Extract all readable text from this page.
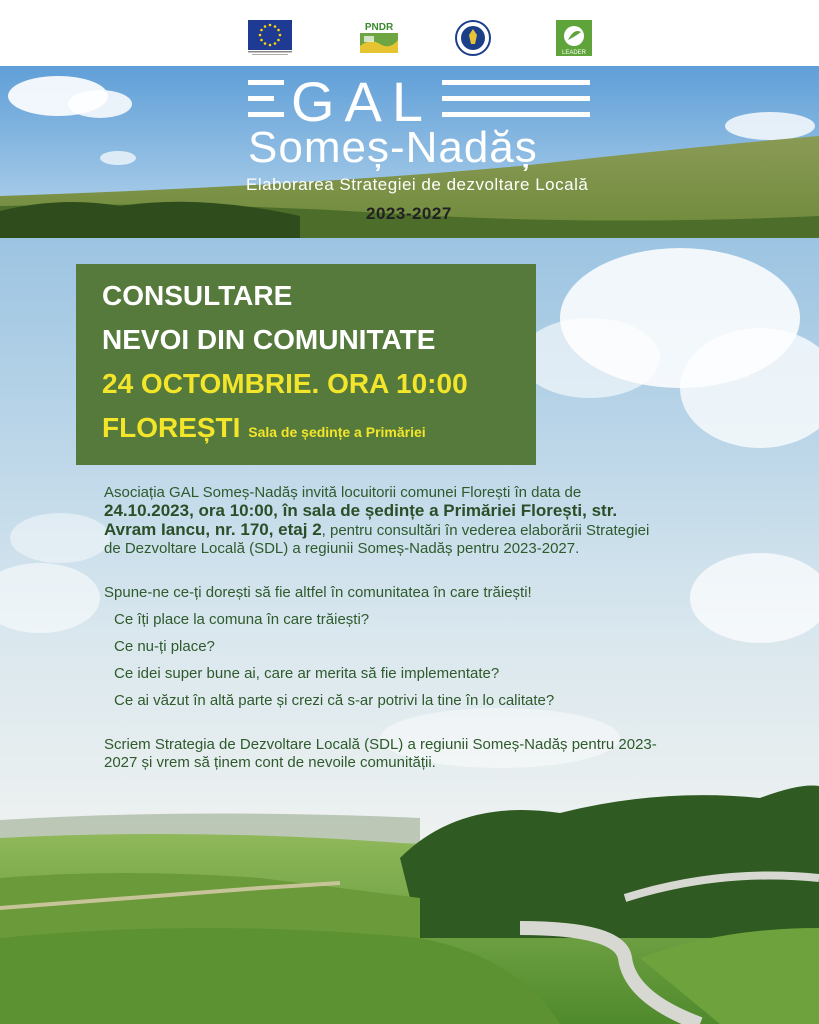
PNDR
LEADER
GAL
Someș-Nadăș
Elaborarea Strategiei de dezvoltare Locală
2023-2027
CONSULTARE
NEVOI DIN COMUNITATE
24 OCTOMBRIE. ORA 10:00
FLOREȘTI Sala de ședințe a Primăriei

Asociația GAL Someș-Nadăș invită locuitorii comunei Florești în data de 24.10.2023, ora 10:00, în sala de ședințe a Primăriei Florești, str. Avram Iancu, nr. 170, etaj 2, pentru consultări în vederea elaborării Strategiei de Dezvoltare Locală (SDL) a regiunii Someș-Nadăș pentru 2023-2027.

Spune-ne ce-ți dorești să fie altfel în comunitatea în care trăiești!

Ce îți place la comuna în care trăiești?

Ce nu-ți place?

Ce idei super bune ai, care ar merita să fie implementate?

Ce ai văzut în altă parte și crezi că s-ar potrivi la tine în lo calitate?

Scriem Strategia de Dezvoltare Locală (SDL) a regiunii Someș-Nadăș pentru 2023-2027 și vrem să ținem cont de nevoile comunității.
